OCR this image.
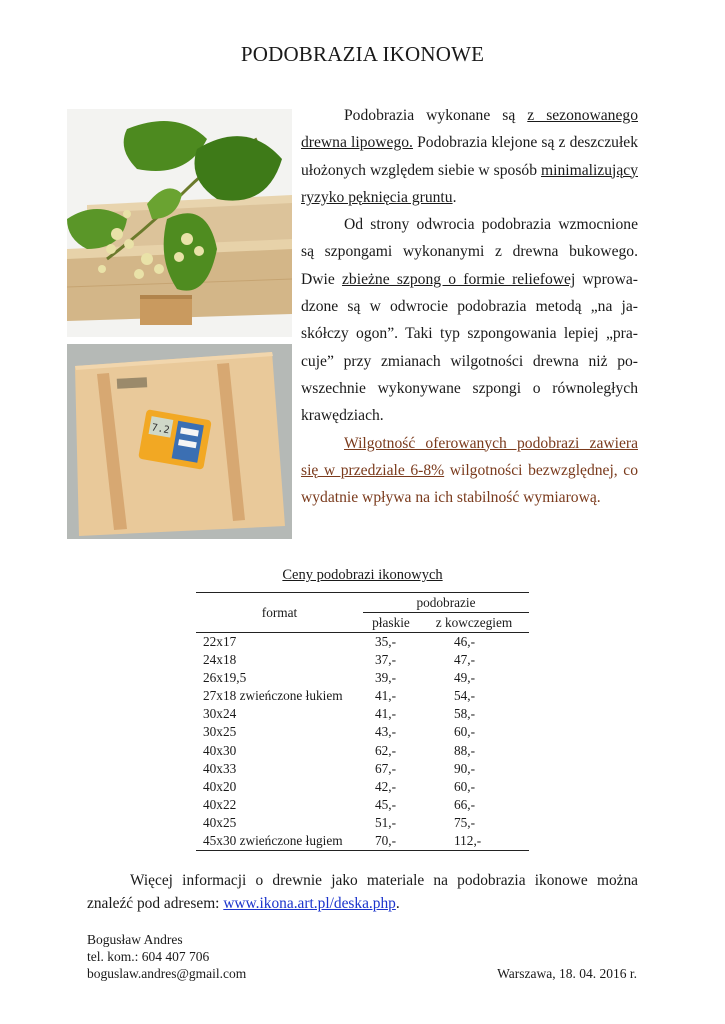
PODOBRAZIA IKONOWE
7.2

Podobrazia wykonane są z sezonowanego drewna lipowego. Podobrazia klejone są z deszczułek ułożonych względem siebie w sposób minimalizujący ryzyko pęknięcia gruntu.

Od strony odwrocia podobrazia wzmocnione są szpongami wykonanymi z drewna bukowego. Dwie zbieżne szpong o formie reliefowej wprowadzone są w odwrocie podobrazia metodą „na jaskółczy ogon”. Taki typ szpongowania lepiej „pracuje” przy zmianach wilgotności drewna niż powszechnie wykonywane szpongi o równoległych krawędziach.

Wilgotność oferowanych podobrazi zawiera się w przedziale 6-8% wilgotności bezwzględnej, co wydatnie wpływa na ich stabilność wymiarową.

Ceny podobrazi ikonowych
format	podobrazie	
	płaskie	z kowczegiem
22x17	35,-	46,-
24x18	37,-	47,-
26x19,5	39,-	49,-
27x18 zwieńczone łukiem	41,-	54,-
30x24	41,-	58,-
30x25	43,-	60,-
40x30	62,-	88,-
40x33	67,-	90,-
40x20	42,-	60,-
40x22	45,-	66,-
40x25	51,-	75,-
45x30 zwieńczone ługiem	70,-	112,-

Więcej informacji o drewnie jako materiale na podobrazia ikonowe można znaleźć pod adresem: www.ikona.art.pl/deska.php.

Bogusław Andres
tel. kom.: 604 407 706
boguslaw.andres@gmail.com	Warszawa, 18. 04. 2016 r.
